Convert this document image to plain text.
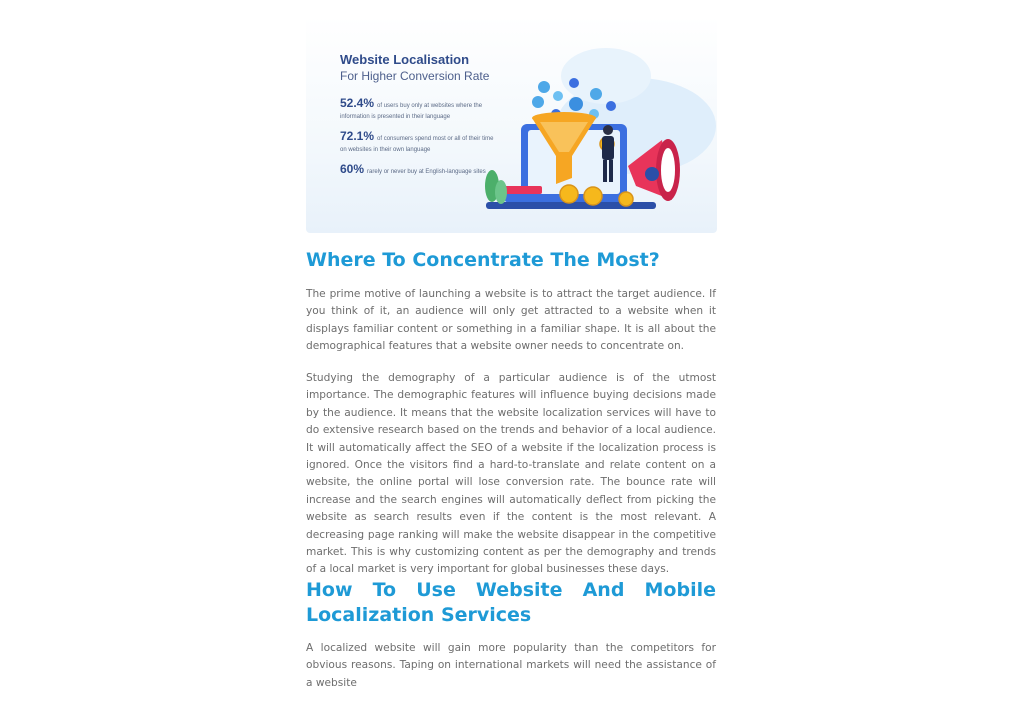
Website Localisation
For Higher Conversion Rate
52.4% of users buy only at websites where the information is presented in their language
72.1% of consumers spend most or all of their time on websites in their own language
60% rarely or never buy at English-language sites
Where To Concentrate The Most?

The prime motive of launching a website is to attract the target audience. If you think of it, an audience will only get attracted to a website when it displays familiar content or something in a familiar shape. It is all about the demographical features that a website owner needs to concentrate on.

Studying the demography of a particular audience is of the utmost importance. The demographic features will influence buying decisions made by the audience. It means that the website localization services will have to do extensive research based on the trends and behavior of a local audience. It will automatically affect the SEO of a website if the localization process is ignored. Once the visitors find a hard-to-translate and relate content on a website, the online portal will lose conversion rate. The bounce rate will increase and the search engines will automatically deflect from picking the website as search results even if the content is the most relevant. A decreasing page ranking will make the website disappear in the competitive market. This is why customizing content as per the demography and trends of a local market is very important for global businesses these days.

How To Use Website And Mobile Localization Services

A localized website will gain more popularity than the competitors for obvious reasons. Taping on international markets will need the assistance of a website
